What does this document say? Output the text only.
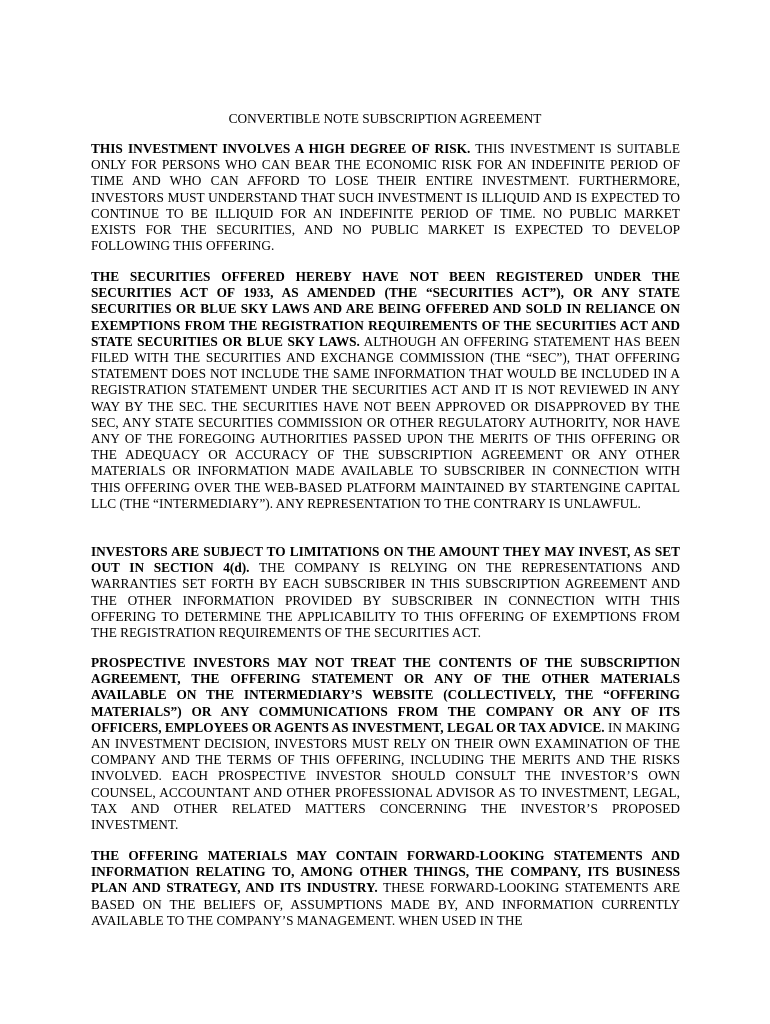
CONVERTIBLE NOTE SUBSCRIPTION AGREEMENT

THIS INVESTMENT INVOLVES A HIGH DEGREE OF RISK. THIS INVESTMENT IS SUITABLE ONLY FOR PERSONS WHO CAN BEAR THE ECONOMIC RISK FOR AN INDEFINITE PERIOD OF TIME AND WHO CAN AFFORD TO LOSE THEIR ENTIRE INVESTMENT. FURTHERMORE, INVESTORS MUST UNDERSTAND THAT SUCH INVESTMENT IS ILLIQUID AND IS EXPECTED TO CONTINUE TO BE ILLIQUID FOR AN INDEFINITE PERIOD OF TIME. NO PUBLIC MARKET EXISTS FOR THE SECURITIES, AND NO PUBLIC MARKET IS EXPECTED TO DEVELOP FOLLOWING THIS OFFERING.

THE SECURITIES OFFERED HEREBY HAVE NOT BEEN REGISTERED UNDER THE SECURITIES ACT OF 1933, AS AMENDED (THE “SECURITIES ACT”), OR ANY STATE SECURITIES OR BLUE SKY LAWS AND ARE BEING OFFERED AND SOLD IN RELIANCE ON EXEMPTIONS FROM THE REGISTRATION REQUIREMENTS OF THE SECURITIES ACT AND STATE SECURITIES OR BLUE SKY LAWS. ALTHOUGH AN OFFERING STATEMENT HAS BEEN FILED WITH THE SECURITIES AND EXCHANGE COMMISSION (THE “SEC”), THAT OFFERING STATEMENT DOES NOT INCLUDE THE SAME INFORMATION THAT WOULD BE INCLUDED IN A REGISTRATION STATEMENT UNDER THE SECURITIES ACT AND IT IS NOT REVIEWED IN ANY WAY BY THE SEC. THE SECURITIES HAVE NOT BEEN APPROVED OR DISAPPROVED BY THE SEC, ANY STATE SECURITIES COMMISSION OR OTHER REGULATORY AUTHORITY, NOR HAVE ANY OF THE FOREGOING AUTHORITIES PASSED UPON THE MERITS OF THIS OFFERING OR THE ADEQUACY OR ACCURACY OF THE SUBSCRIPTION AGREEMENT OR ANY OTHER MATERIALS OR INFORMATION MADE AVAILABLE TO SUBSCRIBER IN CONNECTION WITH THIS OFFERING OVER THE WEB-BASED PLATFORM MAINTAINED BY STARTENGINE CAPITAL LLC (THE “INTERMEDIARY”). ANY REPRESENTATION TO THE CONTRARY IS UNLAWFUL.

INVESTORS ARE SUBJECT TO LIMITATIONS ON THE AMOUNT THEY MAY INVEST, AS SET OUT IN SECTION 4(d). THE COMPANY IS RELYING ON THE REPRESENTATIONS AND WARRANTIES SET FORTH BY EACH SUBSCRIBER IN THIS SUBSCRIPTION AGREEMENT AND THE OTHER INFORMATION PROVIDED BY SUBSCRIBER IN CONNECTION WITH THIS OFFERING TO DETERMINE THE APPLICABILITY TO THIS OFFERING OF EXEMPTIONS FROM THE REGISTRATION REQUIREMENTS OF THE SECURITIES ACT.

PROSPECTIVE INVESTORS MAY NOT TREAT THE CONTENTS OF THE SUBSCRIPTION AGREEMENT, THE OFFERING STATEMENT OR ANY OF THE OTHER MATERIALS AVAILABLE ON THE INTERMEDIARY’S WEBSITE (COLLECTIVELY, THE “OFFERING MATERIALS”) OR ANY COMMUNICATIONS FROM THE COMPANY OR ANY OF ITS OFFICERS, EMPLOYEES OR AGENTS AS INVESTMENT, LEGAL OR TAX ADVICE. IN MAKING AN INVESTMENT DECISION, INVESTORS MUST RELY ON THEIR OWN EXAMINATION OF THE COMPANY AND THE TERMS OF THIS OFFERING, INCLUDING THE MERITS AND THE RISKS INVOLVED. EACH PROSPECTIVE INVESTOR SHOULD CONSULT THE INVESTOR’S OWN COUNSEL, ACCOUNTANT AND OTHER PROFESSIONAL ADVISOR AS TO INVESTMENT, LEGAL, TAX AND OTHER RELATED MATTERS CONCERNING THE INVESTOR’S PROPOSED INVESTMENT.

THE OFFERING MATERIALS MAY CONTAIN FORWARD-LOOKING STATEMENTS AND INFORMATION RELATING TO, AMONG OTHER THINGS, THE COMPANY, ITS BUSINESS PLAN AND STRATEGY, AND ITS INDUSTRY. THESE FORWARD-LOOKING STATEMENTS ARE BASED ON THE BELIEFS OF, ASSUMPTIONS MADE BY, AND INFORMATION CURRENTLY AVAILABLE TO THE COMPANY’S MANAGEMENT. WHEN USED IN THE
